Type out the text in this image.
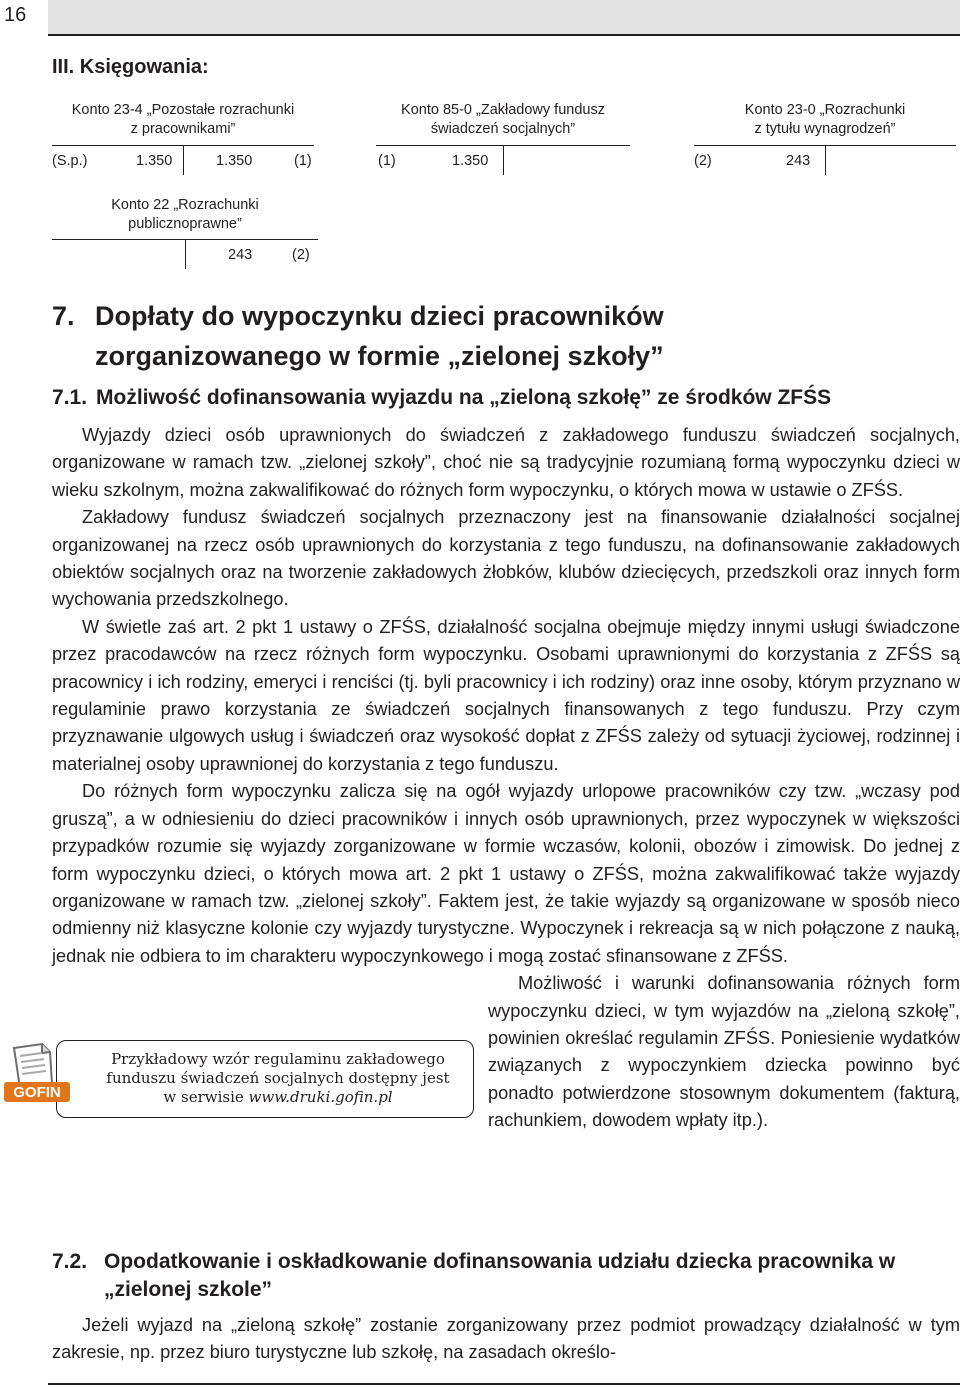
16
III. Księgowania:
Konto 23-4 „Pozostałe rozrachunki
z pracownikami”
(S.p.)	1.350	1.350	(1)
Konto 85-0 „Zakładowy fundusz
świadczeń socjalnych”
(1)	1.350
Konto 23-0 „Rozrachunki
z tytułu wynagrodzeń”
(2)	243
Konto 22 „Rozrachunki
publicznoprawne”
243	(2)
7. Dopłaty do wypoczynku dzieci pracowników zorganizowanego w formie „zielonej szkoły”
7.1. Możliwość dofinansowania wyjazdu na „zieloną szkołę” ze środków ZFŚS

Wyjazdy dzieci osób uprawnionych do świadczeń z zakładowego funduszu świadczeń socjalnych, organizowane w ramach tzw. „zielonej szkoły”, choć nie są tradycyjnie rozumianą formą wypoczynku dzieci w wieku szkolnym, można zakwalifikować do różnych form wypoczynku, o których mowa w ustawie o ZFŚS.

Zakładowy fundusz świadczeń socjalnych przeznaczony jest na finansowanie działalności socjalnej organizowanej na rzecz osób uprawnionych do korzystania z tego funduszu, na dofinansowanie zakładowych obiektów socjalnych oraz na tworzenie zakładowych żłobków, klubów dziecięcych, przedszkoli oraz innych form wychowania przedszkolnego.

W świetle zaś art. 2 pkt 1 ustawy o ZFŚS, działalność socjalna obejmuje między innymi usługi świadczone przez pracodawców na rzecz różnych form wypoczynku. Osobami uprawnionymi do korzystania z ZFŚS są pracownicy i ich rodziny, emeryci i renciści (tj. byli pracownicy i ich rodziny) oraz inne osoby, którym przyznano w regulaminie prawo korzystania ze świadczeń socjalnych finansowanych z tego funduszu. Przy czym przyznawanie ulgowych usług i świadczeń oraz wysokość dopłat z ZFŚS zależy od sytuacji życiowej, rodzinnej i materialnej osoby uprawnionej do korzystania z tego funduszu.

Do różnych form wypoczynku zalicza się na ogół wyjazdy urlopowe pracowników czy tzw. „wczasy pod gruszą”, a w odniesieniu do dzieci pracowników i innych osób uprawnionych, przez wypoczynek w większości przypadków rozumie się wyjazdy zorganizowane w formie wczasów, kolonii, obozów i zimowisk. Do jednej z form wypoczynku dzieci, o których mowa art. 2 pkt 1 ustawy o ZFŚS, można zakwalifikować także wyjazdy organizowane w ramach tzw. „zielonej szkoły”. Faktem jest, że takie wyjazdy są organizowane w sposób nieco odmienny niż klasyczne kolonie czy wyjazdy turystyczne. Wypoczynek i rekreacja są w nich połączone z nauką, jednak nie odbiera to im charakteru wypoczynkowego i mogą zostać sfinansowane z ZFŚS.

Możliwość i warunki dofinansowania różnych form wypoczynku dzieci, w tym wyjazdów na „zieloną szkołę”, powinien określać regulamin ZFŚS. Poniesienie wydatków związanych z wypoczynkiem dziecka powinno być ponadto potwierdzone stosownym dokumentem (fakturą, rachunkiem, dowodem wpłaty itp.).

GOFIN
Przykładowy wzór regulaminu zakładowego
funduszu świadczeń socjalnych dostępny jest
w serwisie www.druki.gofin.pl
7.2. Opodatkowanie i oskładkowanie dofinansowania udziału dziecka pracownika w „zielonej szkole”
Jeżeli wyjazd na „zieloną szkołę” zostanie zorganizowany przez podmiot prowadzący działalność w tym zakresie, np. przez biuro turystyczne lub szkołę, na zasadach określo-
